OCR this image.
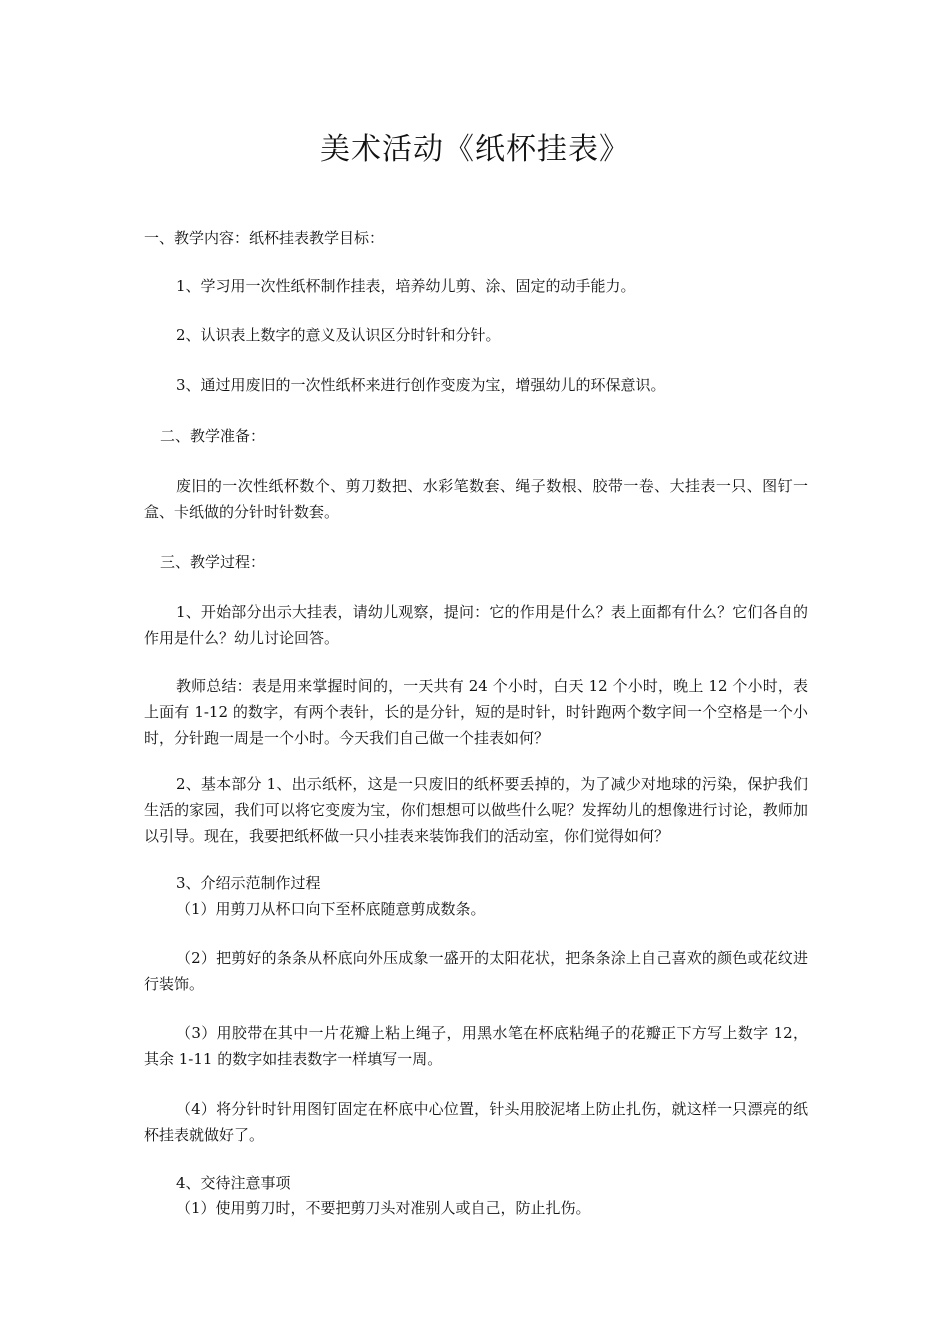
美术活动《纸杯挂表》
一、教学内容：纸杯挂表教学目标：
1、学习用一次性纸杯制作挂表，培养幼儿剪、涂、固定的动手能力。
2、认识表上数字的意义及认识区分时针和分针。
3、通过用废旧的一次性纸杯来进行创作变废为宝，增强幼儿的环保意识。
二、教学准备：
废旧的一次性纸杯数个、剪刀数把、水彩笔数套、绳子数根、胶带一卷、大挂表一只、图钉一盒、卡纸做的分针时针数套。
三、教学过程：
1、开始部分出示大挂表，请幼儿观察，提问：它的作用是什么？表上面都有什么？它们各自的作用是什么？幼儿讨论回答。
教师总结：表是用来掌握时间的，一天共有 24 个小时，白天 12 个小时，晚上 12 个小时，表上面有 1-12 的数字，有两个表针，长的是分针，短的是时针，时针跑两个数字间一个空格是一个小时，分针跑一周是一个小时。今天我们自己做一个挂表如何？
2、基本部分 1、出示纸杯，这是一只废旧的纸杯要丢掉的，为了减少对地球的污染，保护我们生活的家园，我们可以将它变废为宝，你们想想可以做些什么呢？发挥幼儿的想像进行讨论，教师加以引导。现在，我要把纸杯做一只小挂表来装饰我们的活动室，你们觉得如何？
3、介绍示范制作过程
（1）用剪刀从杯口向下至杯底随意剪成数条。
（2）把剪好的条条从杯底向外压成象一盛开的太阳花状，把条条涂上自己喜欢的颜色或花纹进行装饰。
（3）用胶带在其中一片花瓣上粘上绳子，用黑水笔在杯底粘绳子的花瓣正下方写上数字 12，其余 1-11 的数字如挂表数字一样填写一周。
（4）将分针时针用图钉固定在杯底中心位置，针头用胶泥堵上防止扎伤，就这样一只漂亮的纸杯挂表就做好了。
4、交待注意事项
（1）使用剪刀时，不要把剪刀头对准别人或自己，防止扎伤。
